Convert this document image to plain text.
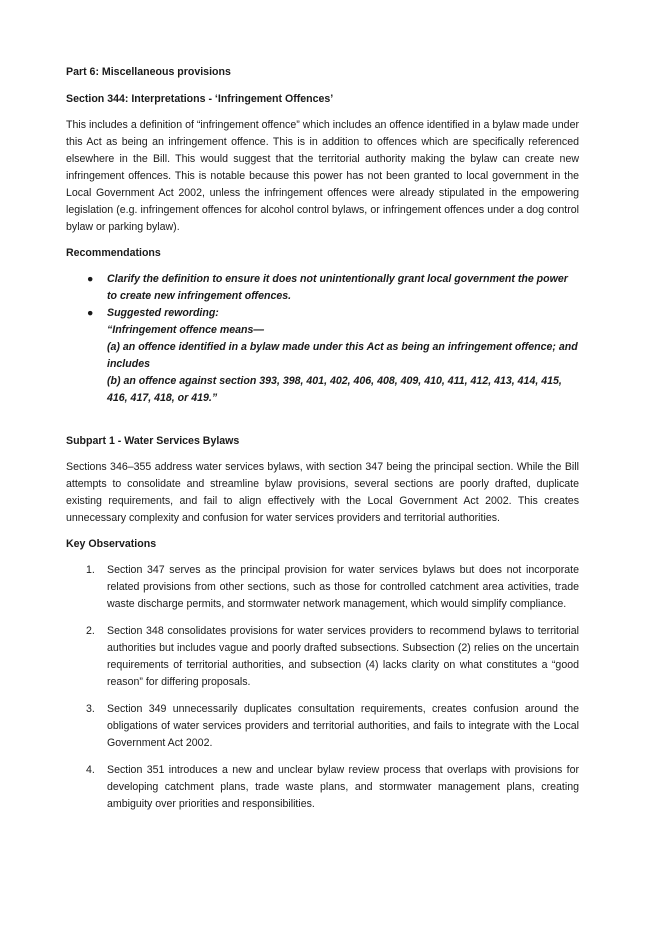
Part 6: Miscellaneous provisions

Section 344: Interpretations - ‘Infringement Offences’

This includes a definition of “infringement offence” which includes an offence identified in a bylaw made under this Act as being an infringement offence. This is in addition to offences which are specifically referenced elsewhere in the Bill. This would suggest that the territorial authority making the bylaw can create new infringement offences. This is notable because this power has not been granted to local government in the Local Government Act 2002, unless the infringement offences were already stipulated in the empowering legislation (e.g. infringement offences for alcohol control bylaws, or infringement offences under a dog control bylaw or parking bylaw).

Recommendations

● Clarify the definition to ensure it does not unintentionally grant local government the power to create new infringement offences.
● Suggested rewording:
“Infringement offence means—
(a) an offence identified in a bylaw made under this Act as being an infringement offence; and includes
(b) an offence against section 393, 398, 401, 402, 406, 408, 409, 410, 411, 412, 413, 414, 415, 416, 417, 418, or 419.”

Subpart 1 - Water Services Bylaws

Sections 346–355 address water services bylaws, with section 347 being the principal section. While the Bill attempts to consolidate and streamline bylaw provisions, several sections are poorly drafted, duplicate existing requirements, and fail to align effectively with the Local Government Act 2002. This creates unnecessary complexity and confusion for water services providers and territorial authorities.

Key Observations

1. Section 347 serves as the principal provision for water services bylaws but does not incorporate related provisions from other sections, such as those for controlled catchment area activities, trade waste discharge permits, and stormwater network management, which would simplify compliance.
2. Section 348 consolidates provisions for water services providers to recommend bylaws to territorial authorities but includes vague and poorly drafted subsections. Subsection (2) relies on the uncertain requirements of territorial authorities, and subsection (4) lacks clarity on what constitutes a “good reason” for differing proposals.
3. Section 349 unnecessarily duplicates consultation requirements, creates confusion around the obligations of water services providers and territorial authorities, and fails to integrate with the Local Government Act 2002.
4. Section 351 introduces a new and unclear bylaw review process that overlaps with provisions for developing catchment plans, trade waste plans, and stormwater management plans, creating ambiguity over priorities and responsibilities.
